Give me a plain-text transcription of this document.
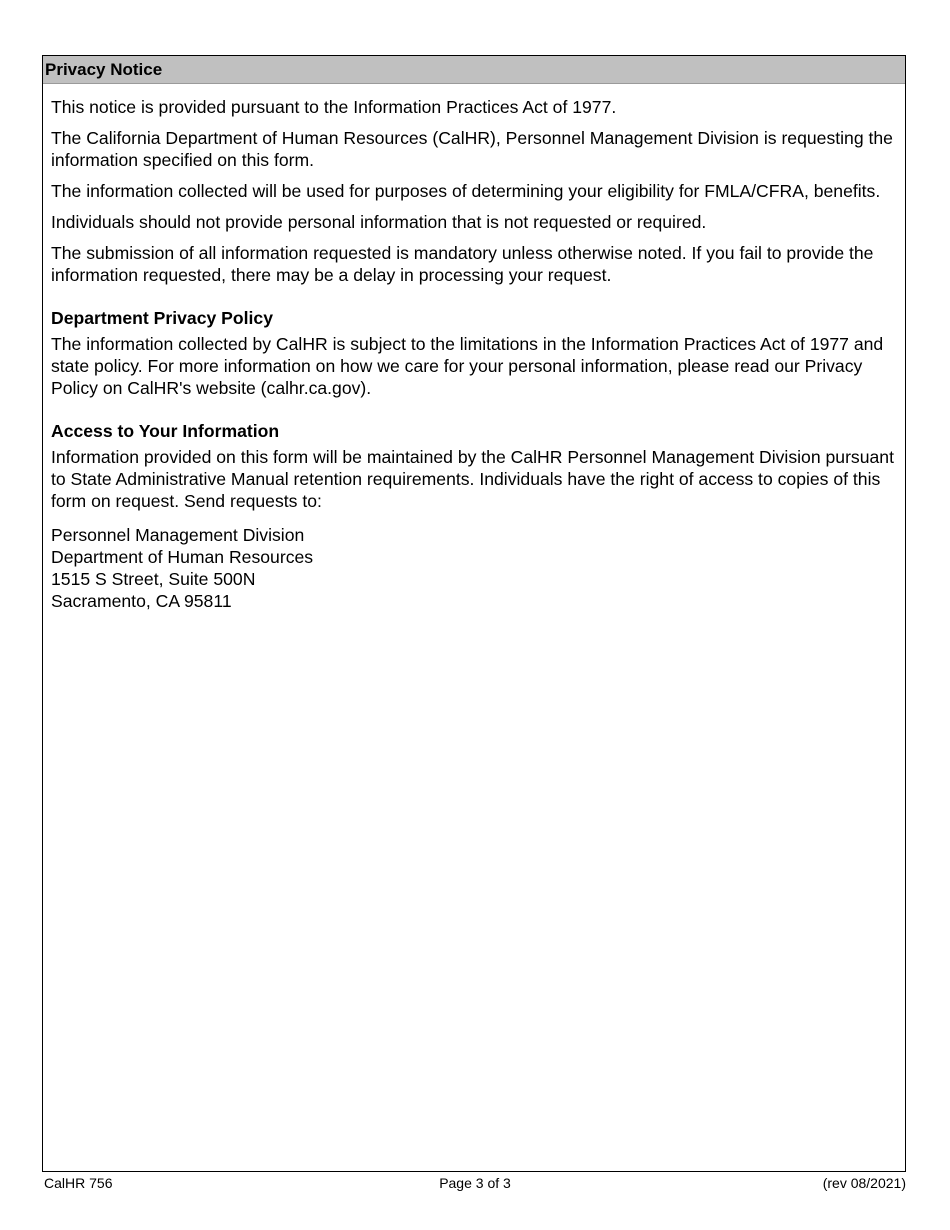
Privacy Notice

This notice is provided pursuant to the Information Practices Act of 1977.

The California Department of Human Resources (CalHR), Personnel Management Division is requesting the information specified on this form.

The information collected will be used for purposes of determining your eligibility for FMLA/CFRA, benefits.

Individuals should not provide personal information that is not requested or required.

The submission of all information requested is mandatory unless otherwise noted. If you fail to provide the information requested, there may be a delay in processing your request.

Department Privacy Policy

The information collected by CalHR is subject to the limitations in the Information Practices Act of 1977 and state policy. For more information on how we care for your personal information, please read our Privacy Policy on CalHR's website (calhr.ca.gov).

Access to Your Information

Information provided on this form will be maintained by the CalHR Personnel Management Division pursuant to State Administrative Manual retention requirements. Individuals have the right of access to copies of this form on request. Send requests to:

Personnel Management Division
Department of Human Resources
1515 S Street, Suite 500N
Sacramento, CA 95811
CalHR 756	Page 3 of 3	(rev 08/2021)
